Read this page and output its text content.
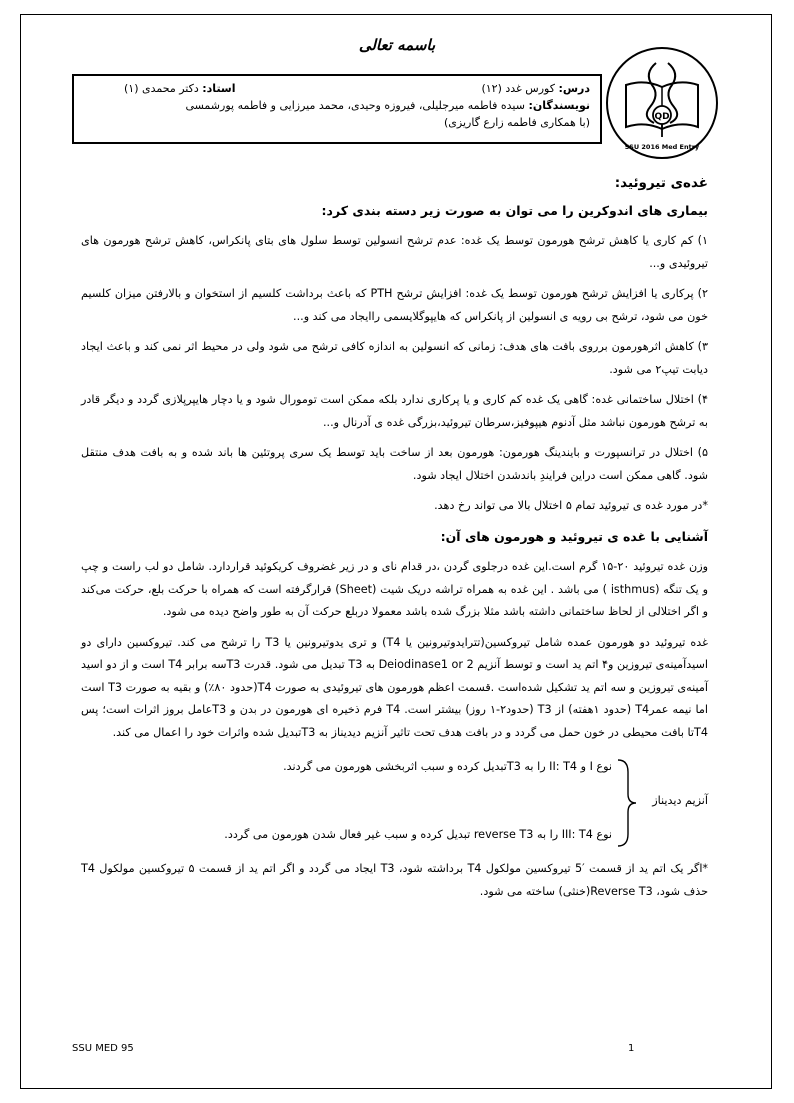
باسمه تعالی
درس: کورس غدد (۱۲)
استاد: دکتر محمدی (۱)
نویسندگان: سیده فاطمه میرجلیلی، فیروزه وحیدی، محمد میرزایی و فاطمه پورشمسی
(با همکاری فاطمه زارع گاریزی)	QD
SSU 2016 Med Entry
غده‌ی تیروئید:
بیماری های اندوکرین را می توان به صورت زیر دسته بندی کرد:

۱) کم کاری یا کاهش ترشح هورمون توسط یک غده: عدم ترشح انسولین توسط سلول های بتای پانکراس، کاهش ترشح هورمون های تیروئیدی و...

۲) پرکاری یا افزایش ترشح هورمون توسط یک غده: افزایش ترشح PTH که باعث برداشت کلسیم از استخوان و بالارفتن میزان کلسیم خون می شود، ترشح بی رویه ی انسولین از پانکراس که هایپوگلایسمی راایجاد می کند و...

۳) کاهش اثرهورمون برروی بافت های هدف: زمانی که انسولین به اندازه کافی ترشح می شود ولی در محیط اثر نمی کند و باعث ایجاد دیابت تیپ۲ می شود.

۴) اختلال ساختمانی غده: گاهی یک غده کم کاری و یا پرکاری ندارد بلکه ممکن است تومورال شود و یا دچار هایپرپلازی گردد و دیگر قادر به ترشح هورمون نباشد مثل آدنوم هیپوفیز،سرطان تیروئید،بزرگی غده ی آدرنال و...

۵) اختلال در ترانسپورت و بایندینگ هورمون: هورمون بعد از ساخت باید توسط یک سری پروتئین ها باند شده و به بافت هدف منتقل شود. گاهی ممکن است دراین فرایندِ باندشدن اختلال ایجاد شود.

*در مورد غده ی تیروئید تمام ۵ اختلال بالا می تواند رخ دهد.
آشنایی با غده ی تیروئید و هورمون های آن:

وزن غده تیروئید ۲۰-۱۵ گرم است.این غده درجلوی گردن ،در قدام نای و در زیر غضروف کریکوئید قراردارد. شامل دو لب راست و چپ و یک تنگه (isthmus ) می باشد . این غده به همراه تراشه دریک شیت (Sheet) قرارگرفته است که همراه با حرکت بلع، حرکت می‌کند و اگر اختلالی از لحاظ ساختمانی داشته باشد مثلا بزرگ شده باشد معمولا دربلع حرکت آن به طور واضح دیده می شود.

غده تیروئید دو هورمون عمده شامل تیروکسین(تترایدوتیرونین یا T4) و تری یدوتیرونین یا T3 را ترشح می کند. تیروکسین دارای دو اسیدآمینه‌ی تیروزین و۴ اتم ید است و توسط آنزیم Deiodinase1 or 2 به T3 تبدیل می شود. قدرت T3سه برابر T4 است و از دو اسید آمینه‌ی تیروزین و سه اتم ید تشکیل شده‌است .قسمت اعظم هورمون های تیروئیدی به صورت T4(حدود ۸۰٪) و بقیه به صورت T3 است اما نیمه عمرT4 (حدود ۱هفته) از T3 (حدود۲-۱ روز) بیشتر است. T4 فرم ذخیره ای هورمون در بدن و T3عامل بروز اثرات است؛ پس T4تا بافت محیطی در خون حمل می گردد و در بافت هدف تحت تاثیر آنزیم دیدیناز به T3تبدیل شده واثرات خود را اعمال می کند.

نوع I و II: T4 را به T3تبدیل کرده و سبب اثربخشی هورمون می گردند.
آنزیم دیدیناز
نوع III: T4 را به reverse T3 تبدیل کرده و سبب غیر فعال شدن هورمون می گردد.

*اگر یک اتم ید از قسمت ′5 تیروکسین مولکول T4 برداشته شود، T3 ایجاد می گردد و اگر اتم ید از قسمت ۵ تیروکسین مولکول T4 حذف شود، Reverse T3(خنثی) ساخته می شود.

SSU MED 95	1
